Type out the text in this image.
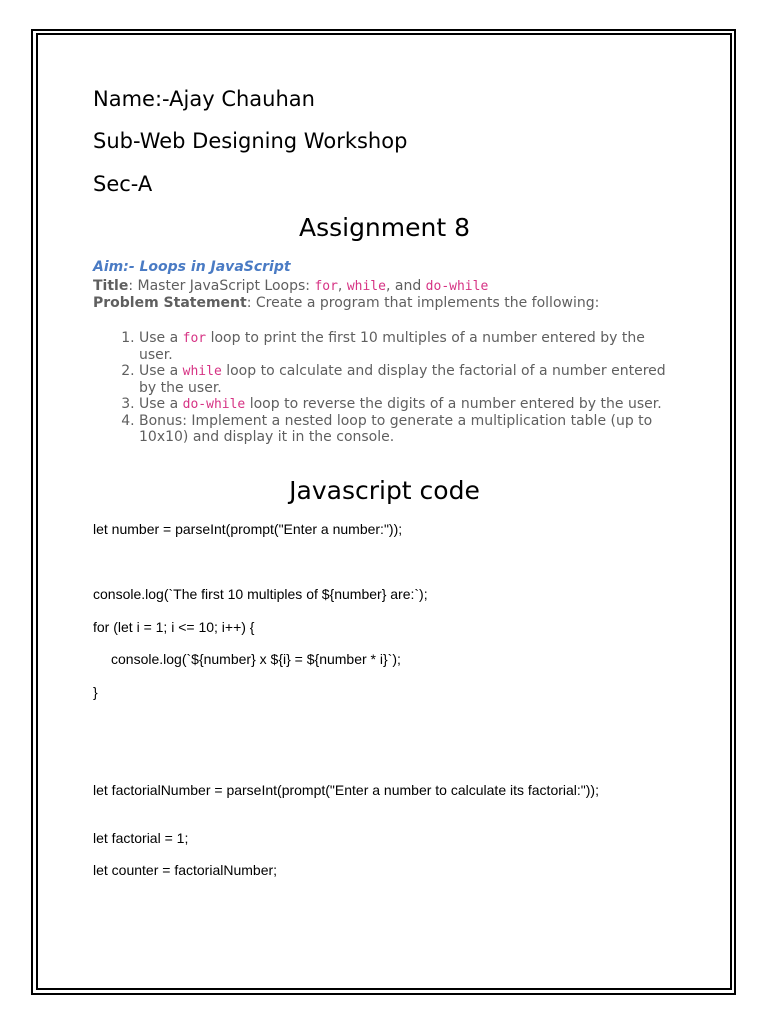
Name:-Ajay Chauhan
Sub-Web Designing Workshop
Sec-A
Assignment 8
Aim:- Loops in JavaScript
Title: Master JavaScript Loops: for, while, and do-while
Problem Statement: Create a program that implements the following:
1. Use a for loop to print the first 10 multiples of a number entered by the user.
2. Use a while loop to calculate and display the factorial of a number entered by the user.
3. Use a do-while loop to reverse the digits of a number entered by the user.
4. Bonus: Implement a nested loop to generate a multiplication table (up to 10x10) and display it in the console.
Javascript code
let number = parseInt(prompt("Enter a number:"));
console.log(`The first 10 multiples of ${number} are:`);
for (let i = 1; i <= 10; i++) {
console.log(`${number} x ${i} = ${number * i}`);
}
let factorialNumber = parseInt(prompt("Enter a number to calculate its factorial:"));
let factorial = 1;
let counter = factorialNumber;
